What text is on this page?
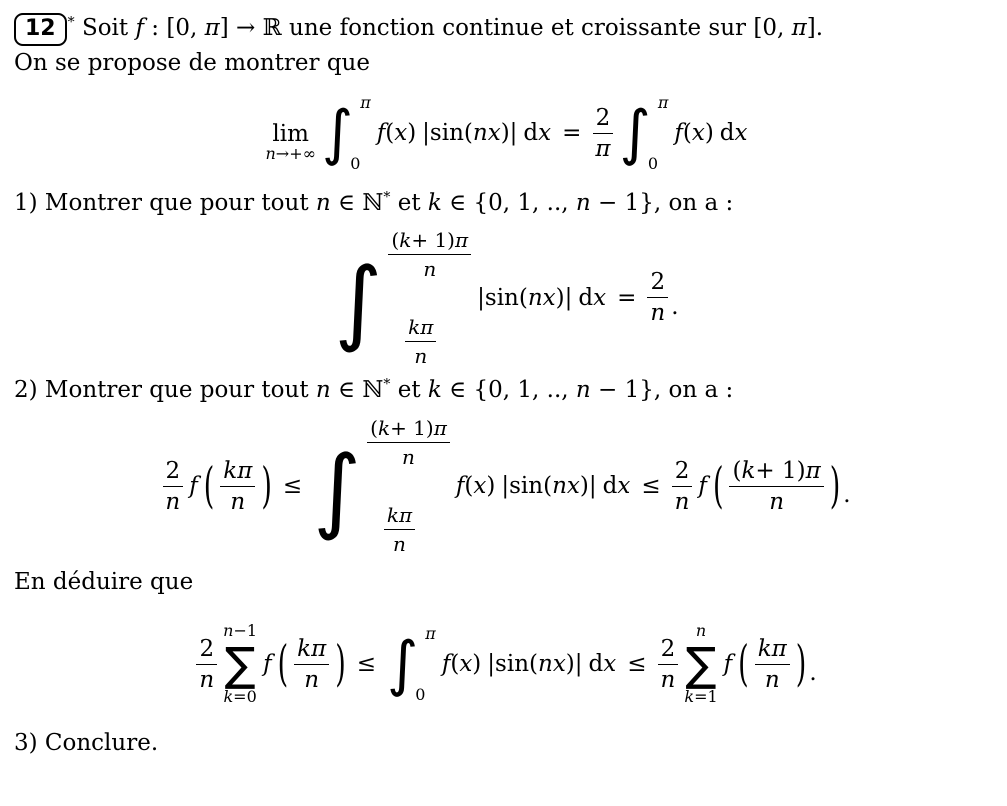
12 * Soit f : [0, π] → ℝ une fonction continue et croissante sur [0, π].
On se propose de montrer que
lim
n →+∞ ∫ π
0
f ( x ) | sin ( nx ) | d $x = \frac{2}{\pi}$ ∫ π
0
f ( x ) d x
1) Montrer que pour tout n ∈ ℕ* et k ∈ {0, 1, .., n − 1}, on a :
∫ $\frac{( k + 1) \pi}{n}$
$\frac{k\pi}{n}$
| sin ( nx ) | d $x = \frac{2}{n}$ .
2) Montrer que pour tout n ∈ ℕ* et k ∈ {0, 1, .., n − 1}, on a :
$\frac{2}{n}$ f ( $\frac{k\pi}{n}$ ) ≤ ∫ $\frac{( k + 1) \pi}{n}$
$\frac{k\pi}{n}$
f ( x ) | sin ( nx ) | d $x \le \frac{2}{n}$ f ( $\frac{( k + 1) \pi}{n}$ ) .
En déduire que
$\frac{2}{n}$
n −1
∑
k =0
f ( $\frac{k\pi}{n}$ ) ≤ ∫ π
0
f ( x ) | sin ( nx ) | d $x \le \frac{2}{n}$
n
∑
k =1
f ( $\frac{k\pi}{n}$ ) .
3) Conclure.
